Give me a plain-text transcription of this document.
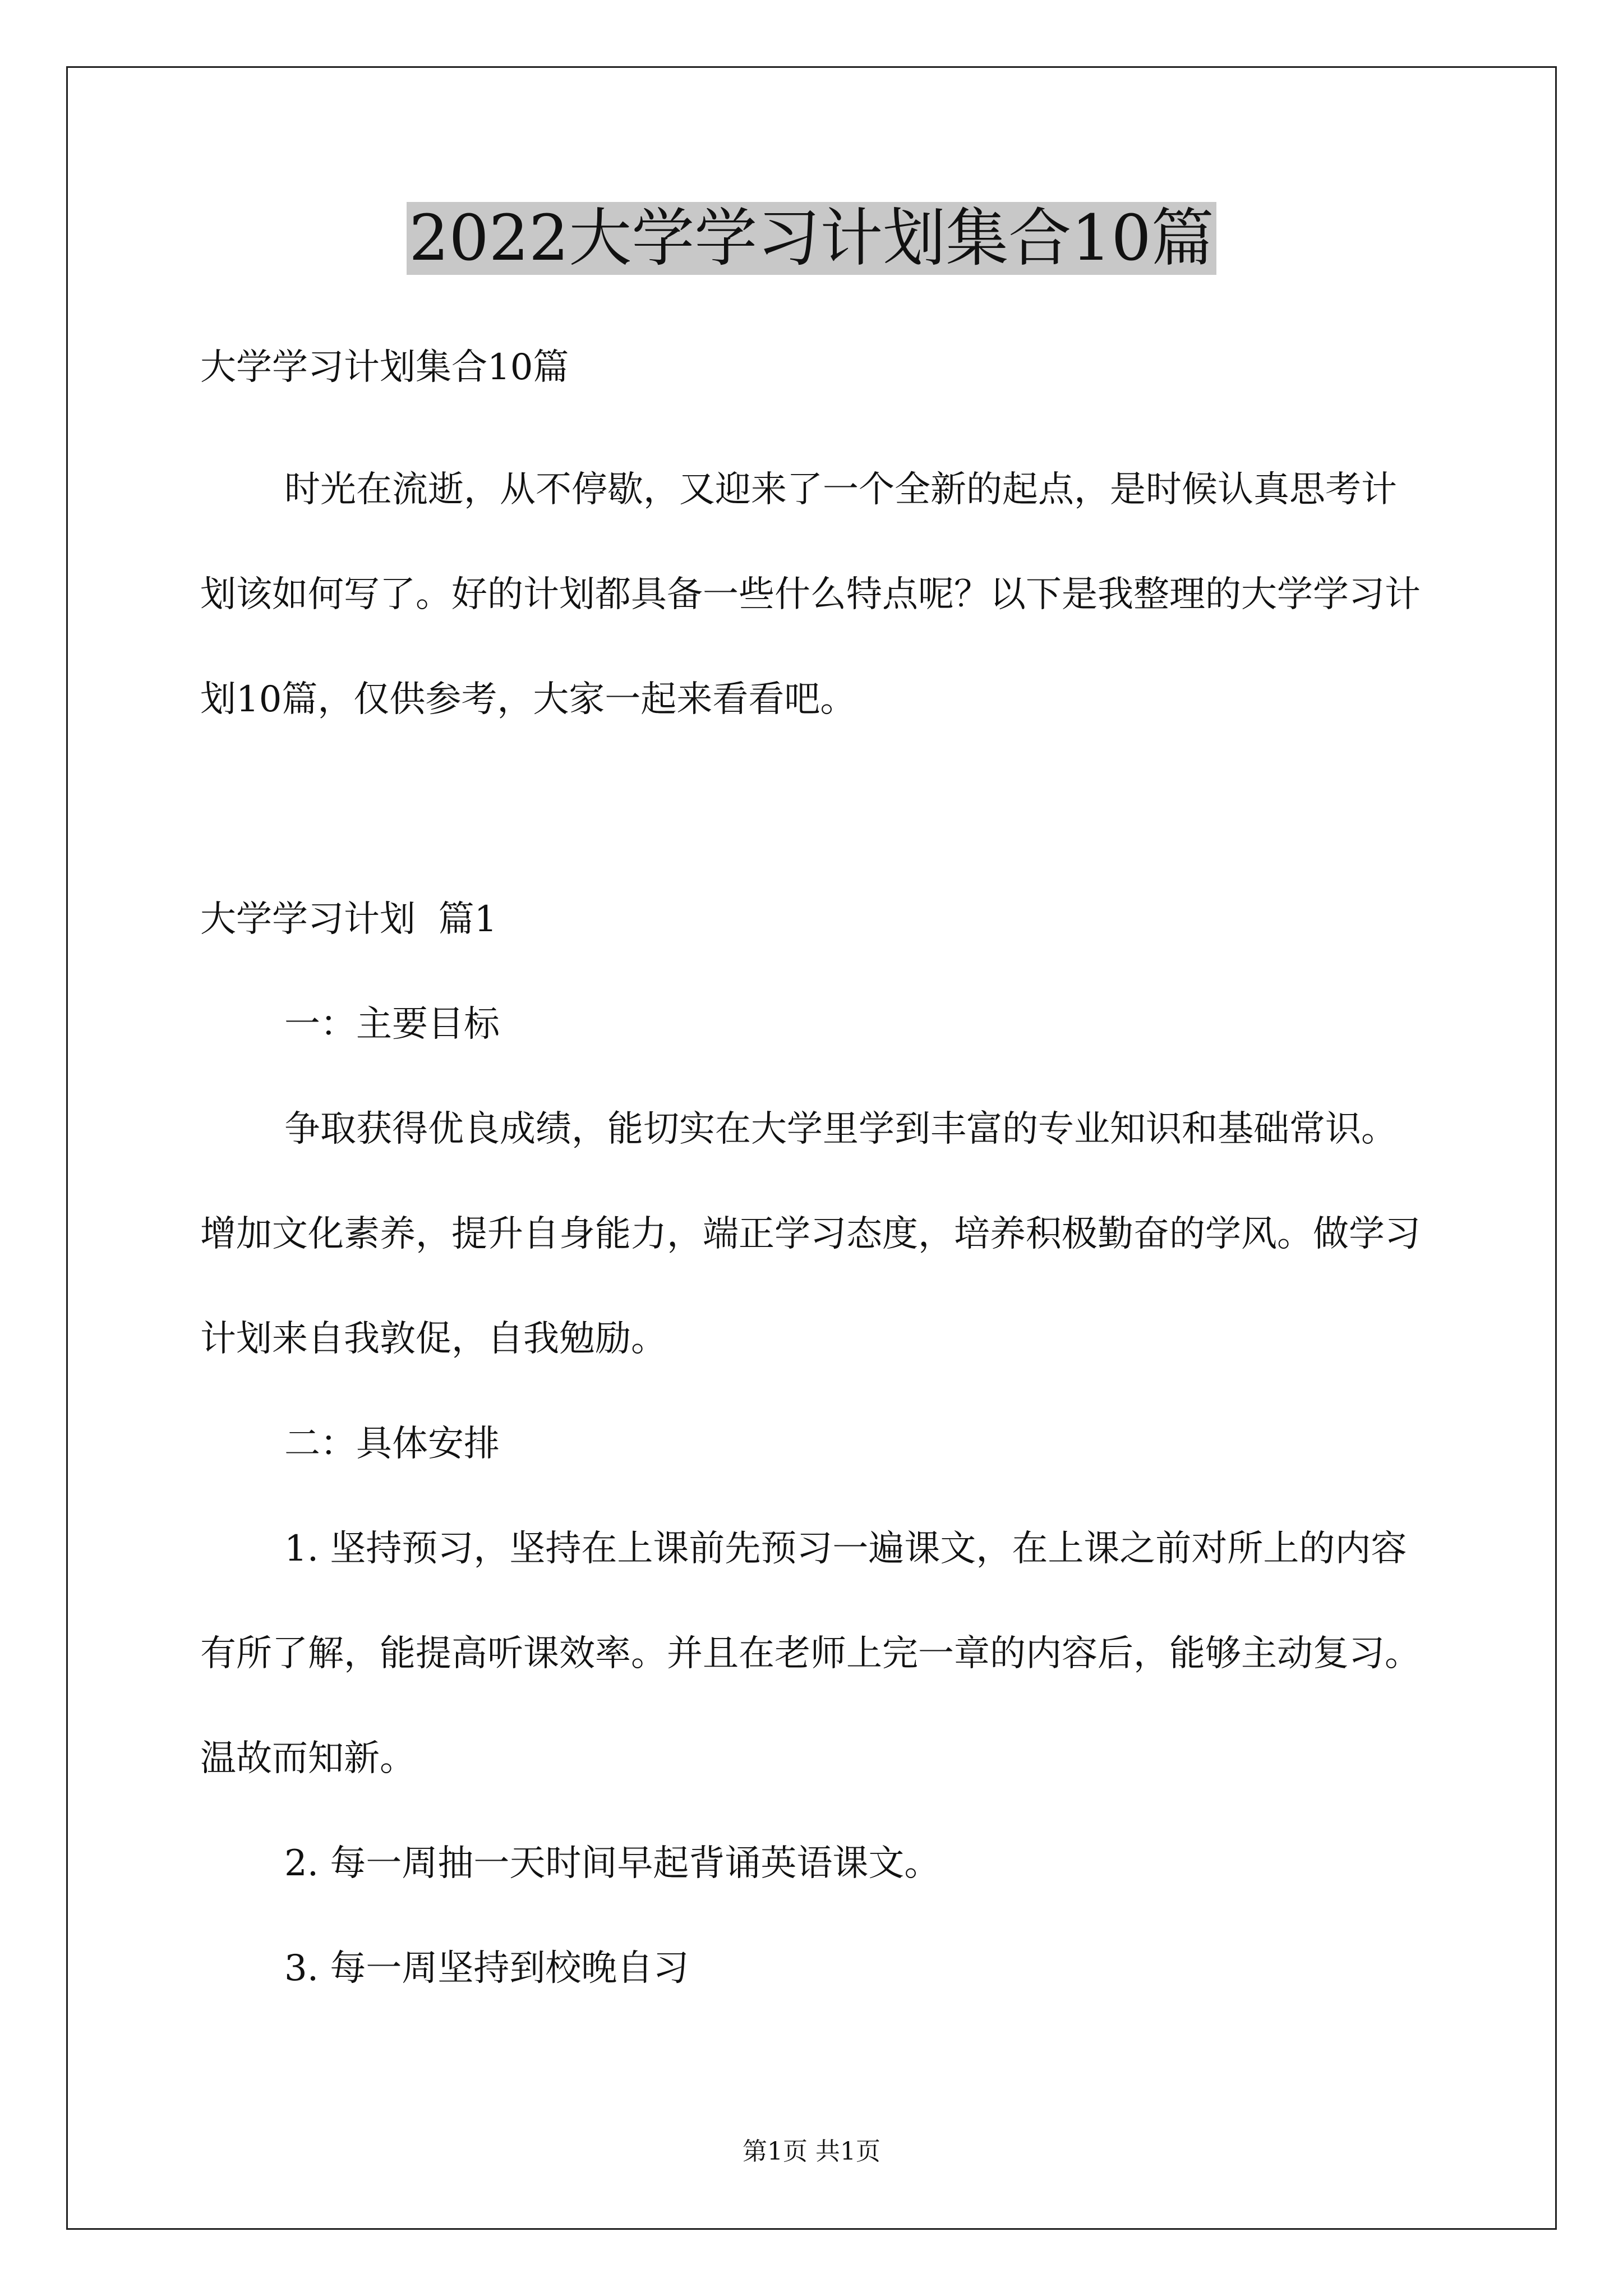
2022大学学习计划集合10篇

大学学习计划集合10篇

时光在流逝，从不停歇，又迎来了一个全新的起点，是时候认真思考计划该如何写了。好的计划都具备一些什么特点呢？以下是我整理的大学学习计划10篇，仅供参考，大家一起来看看吧。

大学学习计划  篇1

一：主要目标

争取获得优良成绩，能切实在大学里学到丰富的专业知识和基础常识。增加文化素养，提升自身能力，端正学习态度，培养积极勤奋的学风。做学习计划来自我敦促，自我勉励。

二：具体安排

1. 坚持预习，坚持在上课前先预习一遍课文，在上课之前对所上的内容有所了解，能提高听课效率。并且在老师上完一章的内容后，能够主动复习。温故而知新。

2. 每一周抽一天时间早起背诵英语课文。

3. 每一周坚持到校晚自习

第1页 共1页
